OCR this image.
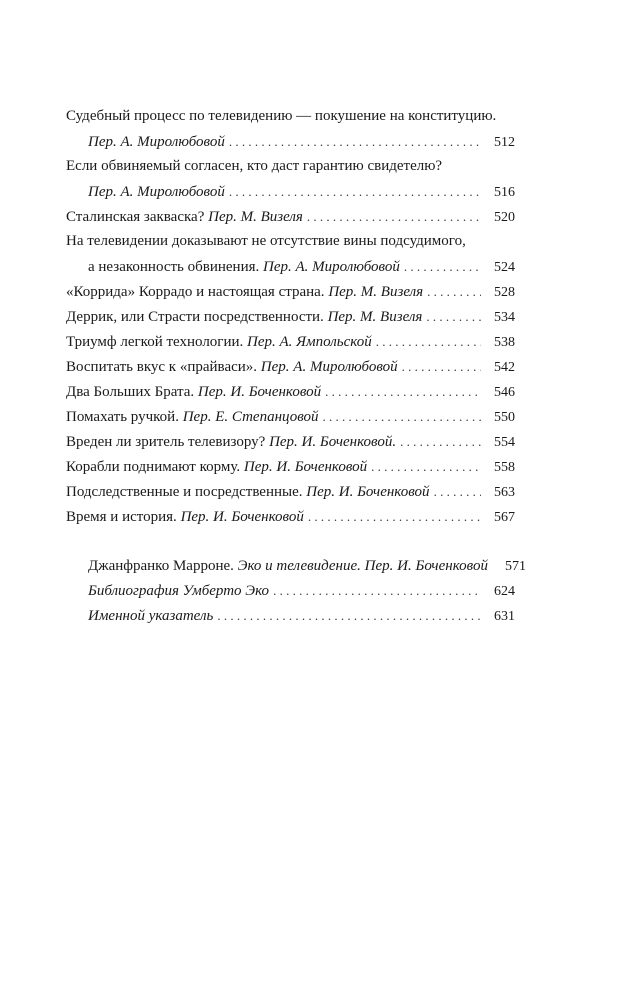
Судебный процесс по телевидению — покушение на конституцию.
Пер. А. Миролюбовой . . .	512
Если обвиняемый согласен, кто даст гарантию свидетелю?
Пер. А. Миролюбовой . . .	516
Сталинская закваска? Пер. М. Визеля . . .	520
На телевидении доказывают не отсутствие вины подсудимого,
а незаконность обвинения. Пер. А. Миролюбовой . . .	524
«Коррида» Коррадо и настоящая страна. Пер. М. Визеля . . .	528
Деррик, или Страсти посредственности. Пер. М. Визеля . . .	534
Триумф легкой технологии. Пер. А. Ямпольской . . .	538
Воспитать вкус к «прайваси». Пер. А. Миролюбовой . . .	542
Два Больших Брата. Пер. И. Боченковой . . .	546
Помахать ручкой. Пер. Е. Степанцовой . . .	550
Вреден ли зритель телевизору? Пер. И. Боченковой. . . .	554
Корабли поднимают корму. Пер. И. Боченковой . . .	558
Подследственные и посредственные. Пер. И. Боченковой . . .	563
Время и история. Пер. И. Боченковой . . .	567
Джанфранко Марроне. Эко и телевидение. Пер. И. Боченковой	571
Библиография Умберто Эко . . .	624
Именной указатель . . .	631
